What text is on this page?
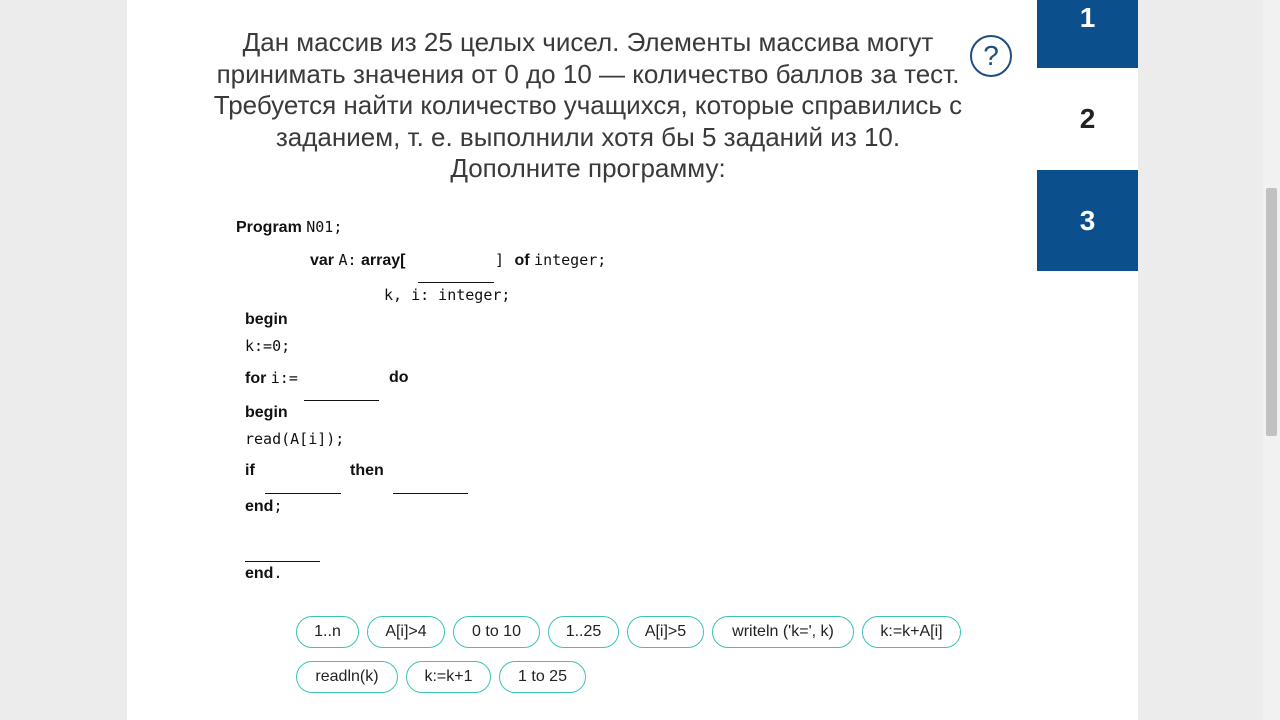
Дан массив из 25 целых чисел. Элементы массива могут
принимать значения от 0 до 10 — количество баллов за тест.
Требуется найти количество учащихся, которые справились с
заданием, т. е. выполнили хотя бы 5 заданий из 10.
Дополните программу:
?
Program N01;
var A: array[	] of integer;
k, i: integer;
begin
k:=0;
for i:=	do
begin
read(A[i]);
if	then
end;
end.
1..n	A[i]>4	0 to 10	1..25	A[i]>5	writeln ('k=', k)	k:=k+A[i]
readln(k)	k:=k+1	1 to 25
1
2
3
